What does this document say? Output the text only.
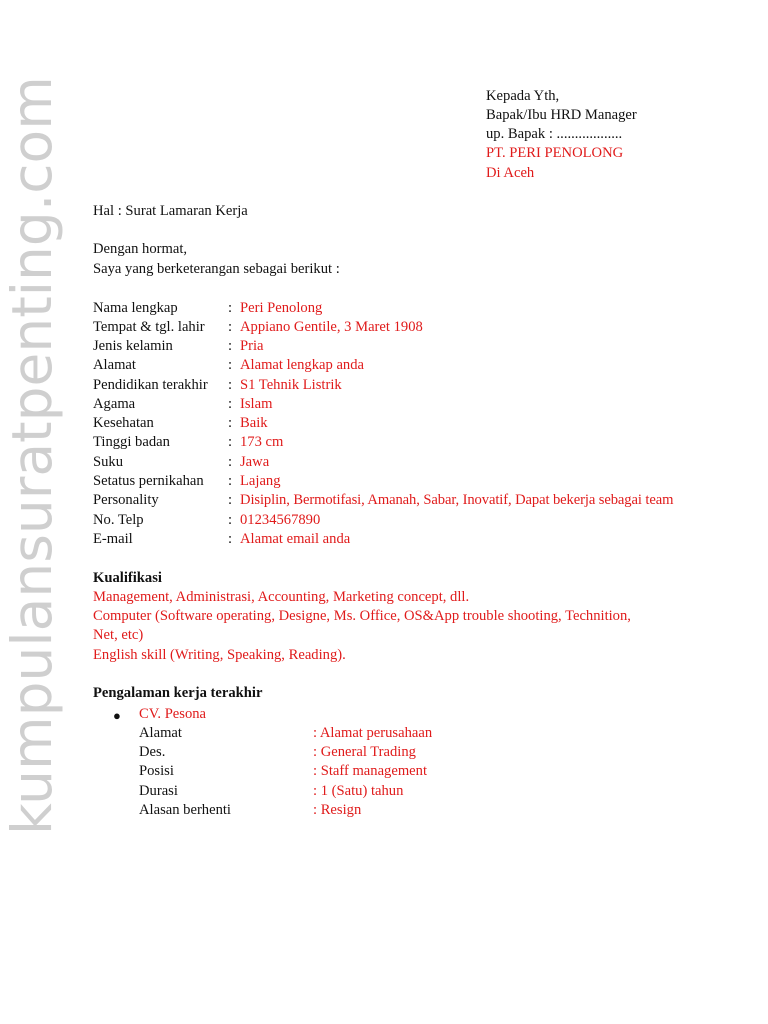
kumpulansuratpenting.com	Kepada Yth,
Bapak/Ibu HRD Manager
up. Bapak : ..................
PT. PERI PENOLONG
Di Aceh
Hal : Surat Lamaran Kerja
Dengan hormat,
Saya yang berketerangan sebagai berikut :
Nama lengkap	: Peri Penolong
Tempat & tgl. lahir : Appiano Gentile, 3 Maret 1908
Jenis kelamin	: Pria
Alamat	: Alamat lengkap anda
Pendidikan terakhir : S1 Tehnik Listrik
Agama	: Islam
Kesehatan	: Baik
Tinggi badan	: 173 cm
Suku	: Jawa
Setatus pernikahan : Lajang
Personality	: Disiplin, Bermotifasi, Amanah, Sabar, Inovatif, Dapat bekerja sebagai team
No. Telp	: 01234567890
E-mail	: Alamat email anda
Kualifikasi
Management, Administrasi, Accounting, Marketing concept, dll.
Computer (Software operating, Designe, Ms. Office, OS&App trouble shooting, Technition,
Net, etc)
English skill (Writing, Speaking, Reading).
Pengalaman kerja terakhir
● CV. Pesona
Alamat	: Alamat perusahaan
Des.	: General Trading
Posisi	: Staff management
Durasi	: 1 (Satu) tahun
Alasan berhenti	: Resign
